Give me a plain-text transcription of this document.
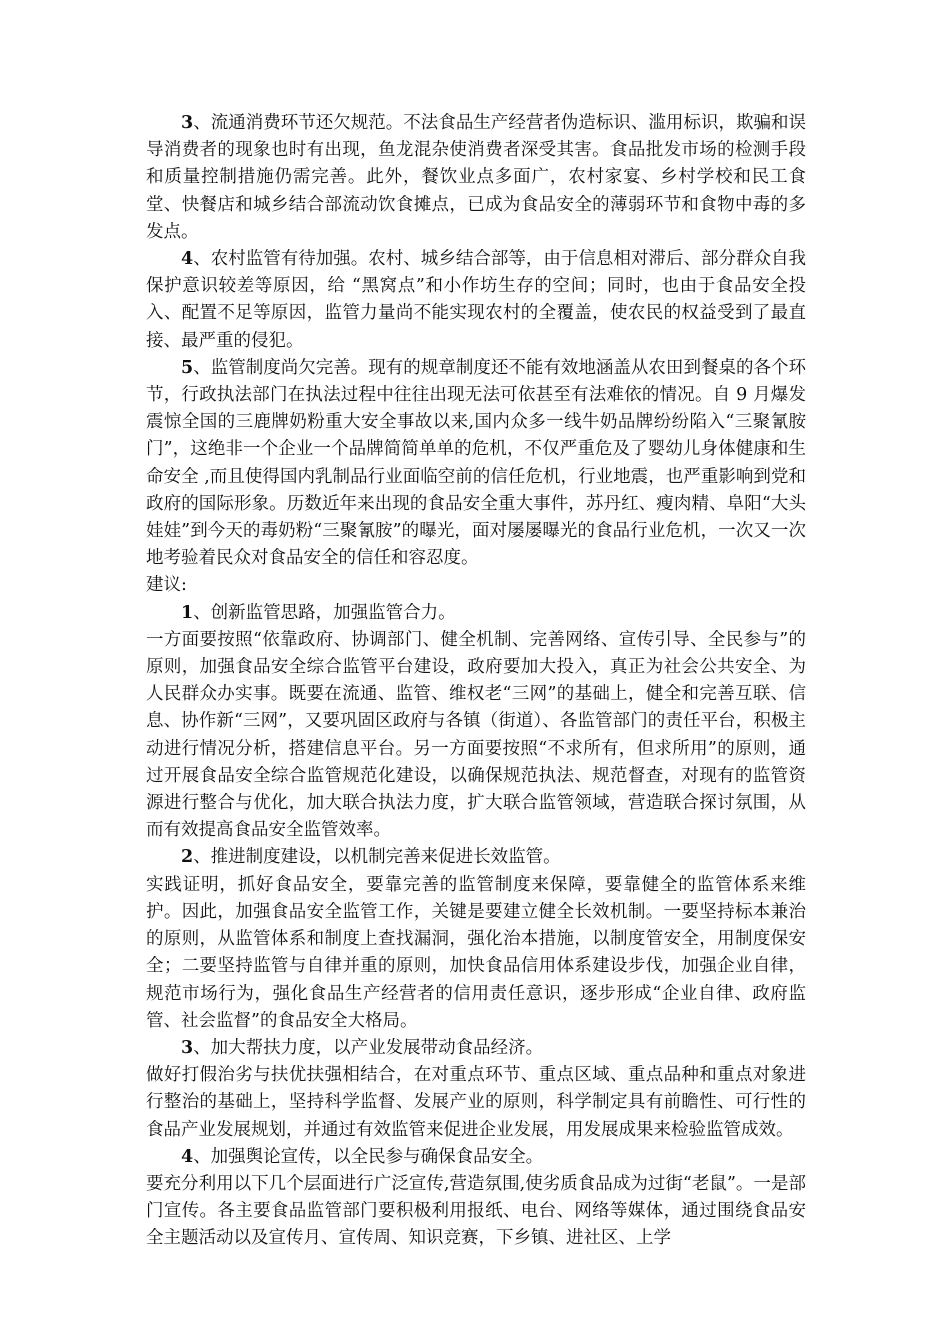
3、流通消费环节还欠规范。不法食品生产经营者伪造标识、滥用标识，欺骗和误导消费者的现象也时有出现，鱼龙混杂使消费者深受其害。食品批发市场的检测手段和质量控制措施仍需完善。此外，餐饮业点多面广，农村家宴、乡村学校和民工食堂、快餐店和城乡结合部流动饮食摊点，已成为食品安全的薄弱环节和食物中毒的多发点。

4、农村监管有待加强。农村、城乡结合部等，由于信息相对滞后、部分群众自我保护意识较差等原因，给 “黑窝点”和小作坊生存的空间；同时，也由于食品安全投入、配置不足等原因，监管力量尚不能实现农村的全覆盖，使农民的权益受到了最直接、最严重的侵犯。

5、监管制度尚欠完善。现有的规章制度还不能有效地涵盖从农田到餐桌的各个环节，行政执法部门在执法过程中往往出现无法可依甚至有法难依的情况。自 9 月爆发震惊全国的三鹿牌奶粉重大安全事故以来,国内众多一线牛奶品牌纷纷陷入“三聚氰胺门”，这绝非一个企业一个品牌简简单单的危机，不仅严重危及了婴幼儿身体健康和生命安全 ,而且使得国内乳制品行业面临空前的信任危机，行业地震，也严重影响到党和政府的国际形象。历数近年来出现的食品安全重大事件，苏丹红、瘦肉精、阜阳“大头娃娃”到今天的毒奶粉“三聚氰胺”的曝光，面对屡屡曝光的食品行业危机，一次又一次地考验着民众对食品安全的信任和容忍度。

建议:

1、创新监管思路，加强监管合力。

一方面要按照“依靠政府、协调部门、健全机制、完善网络、宣传引导、全民参与”的原则，加强食品安全综合监管平台建设，政府要加大投入，真正为社会公共安全、为人民群众办实事。既要在流通、监管、维权老“三网”的基础上，健全和完善互联、信息、协作新“三网”，又要巩固区政府与各镇（街道）、各监管部门的责任平台，积极主动进行情况分析，搭建信息平台。另一方面要按照“不求所有，但求所用”的原则，通过开展食品安全综合监管规范化建设，以确保规范执法、规范督查，对现有的监管资源进行整合与优化，加大联合执法力度，扩大联合监管领域，营造联合探讨氛围，从而有效提高食品安全监管效率。

2、推进制度建设，以机制完善来促进长效监管。

实践证明，抓好食品安全，要靠完善的监管制度来保障，要靠健全的监管体系来维护。因此，加强食品安全监管工作，关键是要建立健全长效机制。一要坚持标本兼治的原则，从监管体系和制度上查找漏洞，强化治本措施，以制度管安全，用制度保安全；二要坚持监管与自律并重的原则，加快食品信用体系建设步伐，加强企业自律，规范市场行为，强化食品生产经营者的信用责任意识，逐步形成“企业自律、政府监管、社会监督”的食品安全大格局。

3、加大帮扶力度，以产业发展带动食品经济。

做好打假治劣与扶优扶强相结合，在对重点环节、重点区域、重点品种和重点对象进行整治的基础上，坚持科学监督、发展产业的原则，科学制定具有前瞻性、可行性的食品产业发展规划，并通过有效监管来促进企业发展，用发展成果来检验监管成效。

4、加强舆论宣传，以全民参与确保食品安全。

要充分利用以下几个层面进行广泛宣传,营造氛围,使劣质食品成为过街“老鼠”。一是部门宣传。各主要食品监管部门要积极利用报纸、电台、网络等媒体，通过围绕食品安全主题活动以及宣传月、宣传周、知识竞赛，下乡镇、进社区、上学
